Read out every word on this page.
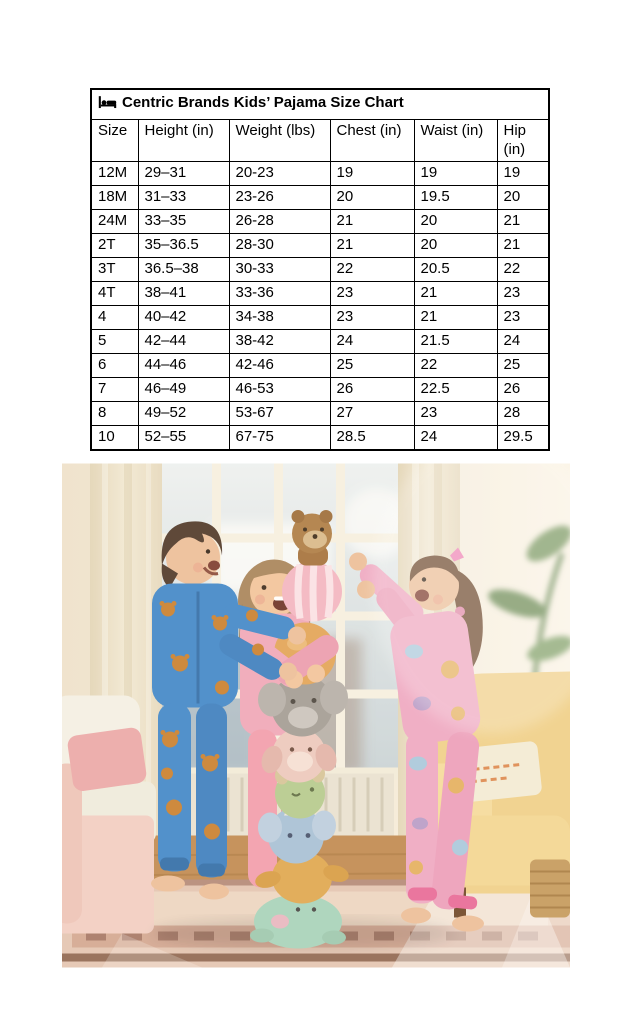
Centric Brands Kids’ Pajama Size Chart					
Size	Height (in)	Weight (lbs)	Chest (in)	Waist (in)	Hip (in)
12M	29–31	20-23	19	19	19
18M	31–33	23-26	20	19.5	20
24M	33–35	26-28	21	20	21
2T	35–36.5	28-30	21	20	21
3T	36.5–38	30-33	22	20.5	22
4T	38–41	33-36	23	21	23
4	40–42	34-38	23	21	23
5	42–44	38-42	24	21.5	24
6	44–46	42-46	25	22	25
7	46–49	46-53	26	22.5	26
8	49–52	53-67	27	23	28
10	52–55	67-75	28.5	24	29.5
